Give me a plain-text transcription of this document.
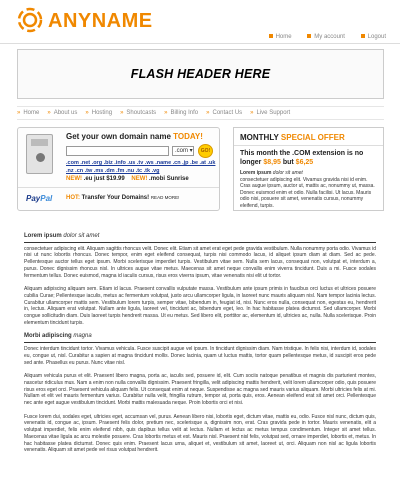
ANYNAME
Home	My account	Logout
FLASH HEADER HERE
» Home » About us » Hosting » Shoutcasts » Billing Info » Contact Us » Live Support
Get your own domain name TODAY!
.com ▾	GO!
.com .net .org .biz .info .us .tv .ws .name .cn .jp .be .at .uk .nz .cn .tw .ms .dm .fm .nu .tc .tk .vg
NEW! .eu just $19.99 NEW! .mobi Sunrise
PayPal HOT: Transfer Your Domains! READ MORE!
MONTHLY SPECIAL OFFER
This month the .COM extension is no longer $8,95 but $6,25
Lorem ipsum dolor sit amet
consectetuer adipiscing elit. Vivamus gravida nisi id enim. Cras augue ipsum, auctor ut, mattis ac, nonummy ut, massa. Donec euismod enim et odio. Nulla facilisi. Ut lacus. Mauris odio nisi, posuere sit amet, venenatis cursus, nonummy eleifend, turpis.
Lorem ipsum dolor sit amet

consectetuer adipiscing elit. Aliquam sagittis rhoncus velit. Donec elit. Etiam sit amet erat eget pede gravida vestibulum. Nulla nonummy porta odio. Vivamus id nisi ut nunc lobortis rhoncus. Donec tempor, enim eget eleifend consequat, turpis nisi commodo lacus, id aliquet ipsum diam at diam. Sed ac pede. Pellentesque auctor tellus eget ipsum. Morbi scelerisque imperdiet turpis. Vestibulum vitae sem. Nulla sem lacus, consequat non, volutpat et, interdum a, purus. Donec dignissim rhoncus nisl. In ultrices augue vitae metus. Maecenas sit amet neque convallis enim viverra tincidunt. Duis a mi. Fusce sodales fermentum tellus. Donec euismod, magna id iaculis cursus, risus eros viverra ipsum, vitae venenatis nisi elit ut tortor.

Aliquam adipiscing aliquam sem. Etiam id lacus. Praesent convallis vulputate massa. Vestibulum ante ipsum primis in faucibus orci luctus et ultrices posuere cubilia Curae; Pellentesque iaculis, metus ac fermentum volutpat, justo arcu ullamcorper ligula, in laoreet nunc mauris aliquam nisl. Nam tempor lacinia lectus. Curabitur ullamcorper mattis sem. Vestibulum lorem turpis, semper vitae, bibendum in, feugiat id, nisi. Nunc eros nulla, consequat non, egestas eu, hendrerit in, lectus. Aliquam erat volutpat. Nullam ante ligula, laoreet vel, tincidunt ac, bibendum eget, leo. In hac habitasse platea dictumst. Sed ullamcorper. Morbi congue sollicitudin diam. Duis laoreet turpis hendrerit massa. Ut eu metus. Sed libero elit, porttitor ac, elementum id, ultricies ac, nulla. Nulla scelerisque. Proin elementum tincidunt turpis.

Morbi adipiscing magna

Donec interdum tincidunt tortor. Vivamus vehicula. Fusce suscipit augue vel ipsum. In tincidunt dignissim diam. Nam tristique. In felis nisi, interdum id, sodales eu, congue ut, nisl. Curabitur a sapien at magna tincidunt mollis. Donec lacinia, quam ut luctus mattis, tortor quam pellentesque metus, id suscipit eros pede sed ante. Phasellus eu purus. Nunc vitae nisl.

Aliquam vehicula purus et elit. Praesent libero magna, porta ac, iaculis sed, posuere id, elit. Cum sociis natoque penatibus et magnis dis parturient montes, nascetur ridiculus mus. Nam a enim non nulla convallis dignissim. Praesent fringilla, velit adipiscing mattis hendrerit, velit lorem ullamcorper odio, quis posuere risus eros eget orci. Praesent vehicula aliquam felis. Ut consequat enim at neque. Suspendisse ac magna sed mauris varius aliquam. Morbi ultricies felis at mi. Nullam et elit vel mauris fermentum varius. Curabitur nulla velit, fringilla rutrum, tempor at, porta quis, eros. Aenean eleifend erat sit amet orci. Pellentesque nec ante eget augue vestibulum tincidunt. Morbi mattis malesuada neque. Proin lobortis orci et nisi.

Fusce lorem dui, sodales eget, ultricies eget, accumsan vel, purus. Aenean libero nisi, lobortis eget, dictum vitae, mattis eu, odio. Fusce nisl nunc, dictum quis, venenatis id, congue ac, ipsum. Praesent felis dolor, pretium nec, scelerisque a, dignissim non, erat. Cras gravida pede in tortor. Mauris venenatis, elit a volutpat imperdiet, felis enim eleifend nibh, quis dapibus tellus velit at lectus. Nullam et lectus ac metus tempus condimentum. Integer sit amet tellus. Maecenas vitae ligula ac arcu molestie posuere. Cras lobortis metus et est. Mauris nisl. Praesent nisl felis, volutpat sed, ornare imperdiet, lobortis et, metus. In hac habitasse platea dictumst. Donec quis enim. Praesent lacus urna, aliquet et, vestibulum sit amet, laoreet ut, orci. Aliquam non nisl ac ligula lobortis venenatis. Aliquam sit amet pede vel risus volutpat hendrerit.
